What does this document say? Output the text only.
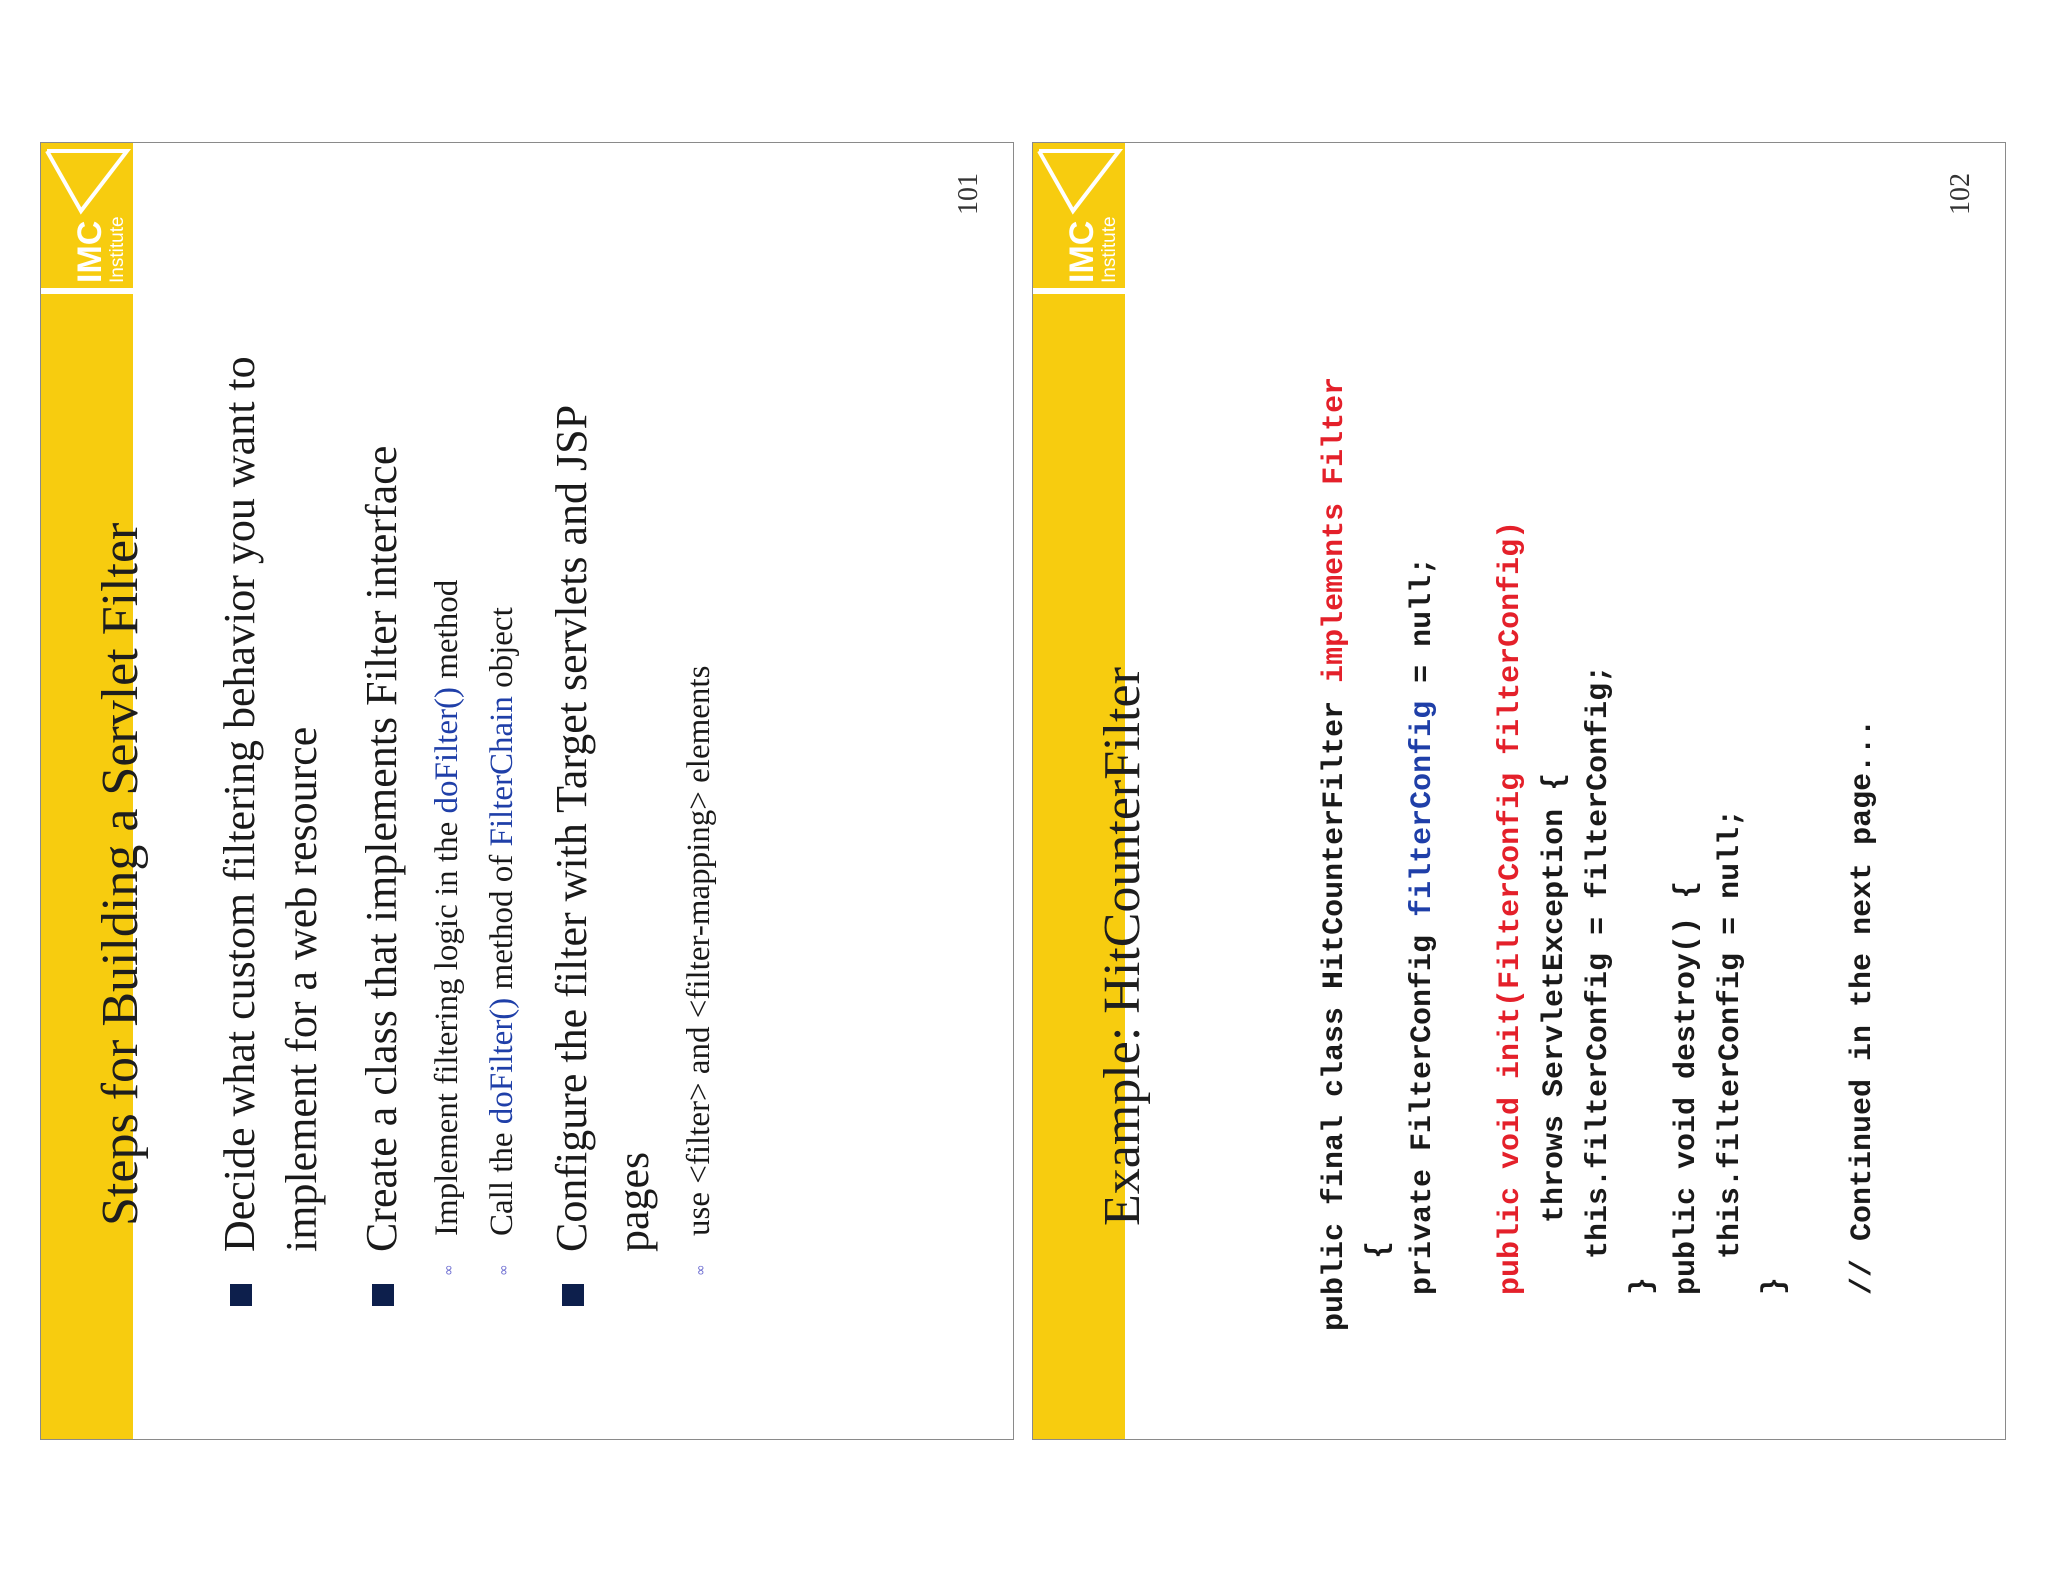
IMC
Institute
Steps for Building a Servlet Filter Decide what custom filtering behavior you want to implement for a web resource Create a class that implements Filter interface
∞
Implement filtering logic in the doFilter() method
∞
Call the doFilter() method of FilterChain object Configure the filter with Target servlets and JSP pages
∞
use <filter> and <filter-mapping> elements
101
IMC
Institute
Example: HitCounterFilter	public final class HitCounterFilter implements Filter
{ private FilterConfig filterConfig = null;
public void init(FilterConfig filterConfig) throws ServletException { this.filterConfig = filterConfig; } public void destroy() { this.filterConfig = null; }
// Continued in the next page...
102
